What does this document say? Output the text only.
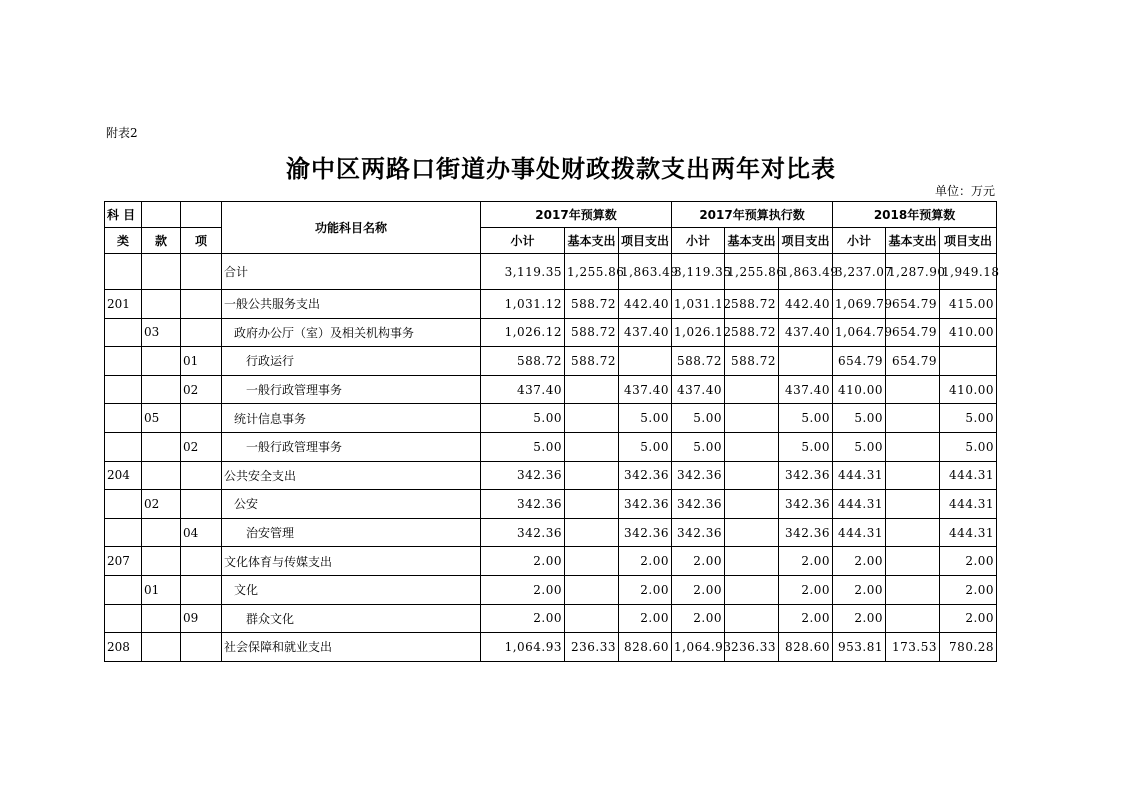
附表2
渝中区两路口街道办事处财政拨款支出两年对比表
单位：万元
科 目			功能科目名称	2017年预算数			2017年预算执行数			2018年预算数		
类	款	项		小计	基本支出	项目支出	小计	基本支出	项目支出	小计	基本支出	项目支出
			合计	3,119.35	1,255.86	1,863.49	3,119.35	1,255.86	1,863.49	3,237.07	1,287.90	1,949.18
201			一般公共服务支出	1,031.12	588.72	442.40	1,031.12	588.72	442.40	1,069.79	654.79	415.00
	03		政府办公厅（室）及相关机构事务	1,026.12	588.72	437.40	1,026.12	588.72	437.40	1,064.79	654.79	410.00
		01	行政运行	588.72	588.72		588.72	588.72		654.79	654.79	
		02	一般行政管理事务	437.40		437.40	437.40		437.40	410.00		410.00
	05		统计信息事务	5.00		5.00	5.00		5.00	5.00		5.00
		02	一般行政管理事务	5.00		5.00	5.00		5.00	5.00		5.00
204			公共安全支出	342.36		342.36	342.36		342.36	444.31		444.31
	02		公安	342.36		342.36	342.36		342.36	444.31		444.31
		04	治安管理	342.36		342.36	342.36		342.36	444.31		444.31
207			文化体育与传媒支出	2.00		2.00	2.00		2.00	2.00		2.00
	01		文化	2.00		2.00	2.00		2.00	2.00		2.00
		09	群众文化	2.00		2.00	2.00		2.00	2.00		2.00
208			社会保障和就业支出	1,064.93	236.33	828.60	1,064.93	236.33	828.60	953.81	173.53	780.28
